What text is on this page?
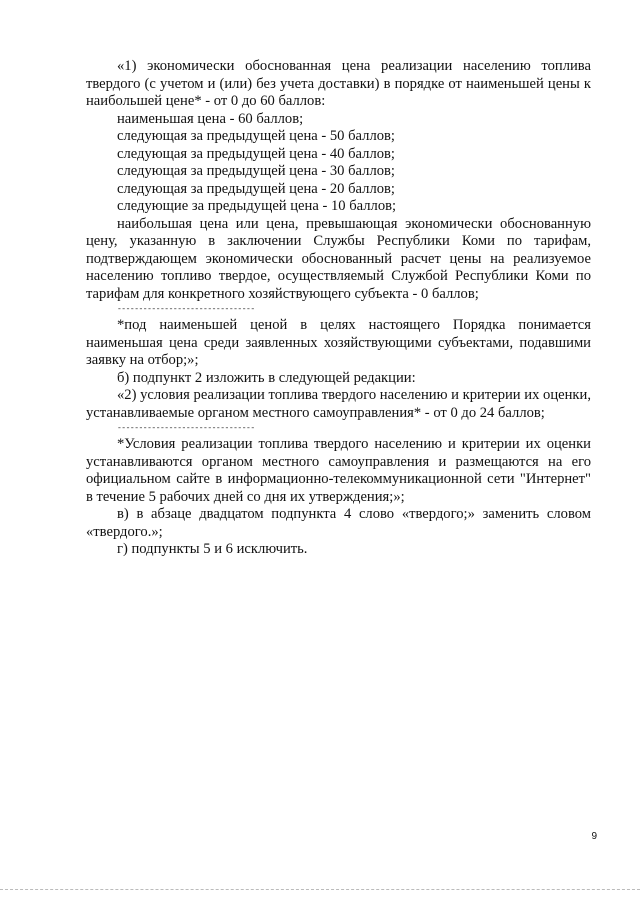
«1) экономически обоснованная цена реализации населению топлива твердого (с учетом и (или) без учета доставки) в порядке от наименьшей цены к наибольшей цене* - от 0 до 60 баллов:

наименьшая цена - 60 баллов;

следующая за предыдущей цена - 50 баллов;

следующая за предыдущей цена - 40 баллов;

следующая за предыдущей цена - 30 баллов;

следующая за предыдущей цена - 20 баллов;

следующие за предыдущей цена - 10 баллов;

наибольшая цена или цена, превышающая экономически обоснованную цену, указанную в заключении Службы Республики Коми по тарифам, подтверждающем экономически обоснованный расчет цены на реализуемое населению топливо твердое, осуществляемый Службой Республики Коми по тарифам для конкретного хозяйствующего субъекта - 0 баллов;

--------------------------------

*под наименьшей ценой в целях настоящего Порядка понимается наименьшая цена среди заявленных хозяйствующими субъектами, подавшими заявку на отбор;»;

б) подпункт 2 изложить в следующей редакции:

«2) условия реализации топлива твердого населению и критерии их оценки, устанавливаемые органом местного самоуправления* - от 0 до 24 баллов;

--------------------------------

*Условия реализации топлива твердого населению и критерии их оценки устанавливаются органом местного самоуправления и размещаются на его официальном сайте в информационно-телекоммуникационной сети "Интернет" в течение 5 рабочих дней со дня их утверждения;»;

в) в абзаце двадцатом подпункта 4 слово «твердого;» заменить словом «твердого.»;

г) подпункты 5 и 6 исключить.

9
